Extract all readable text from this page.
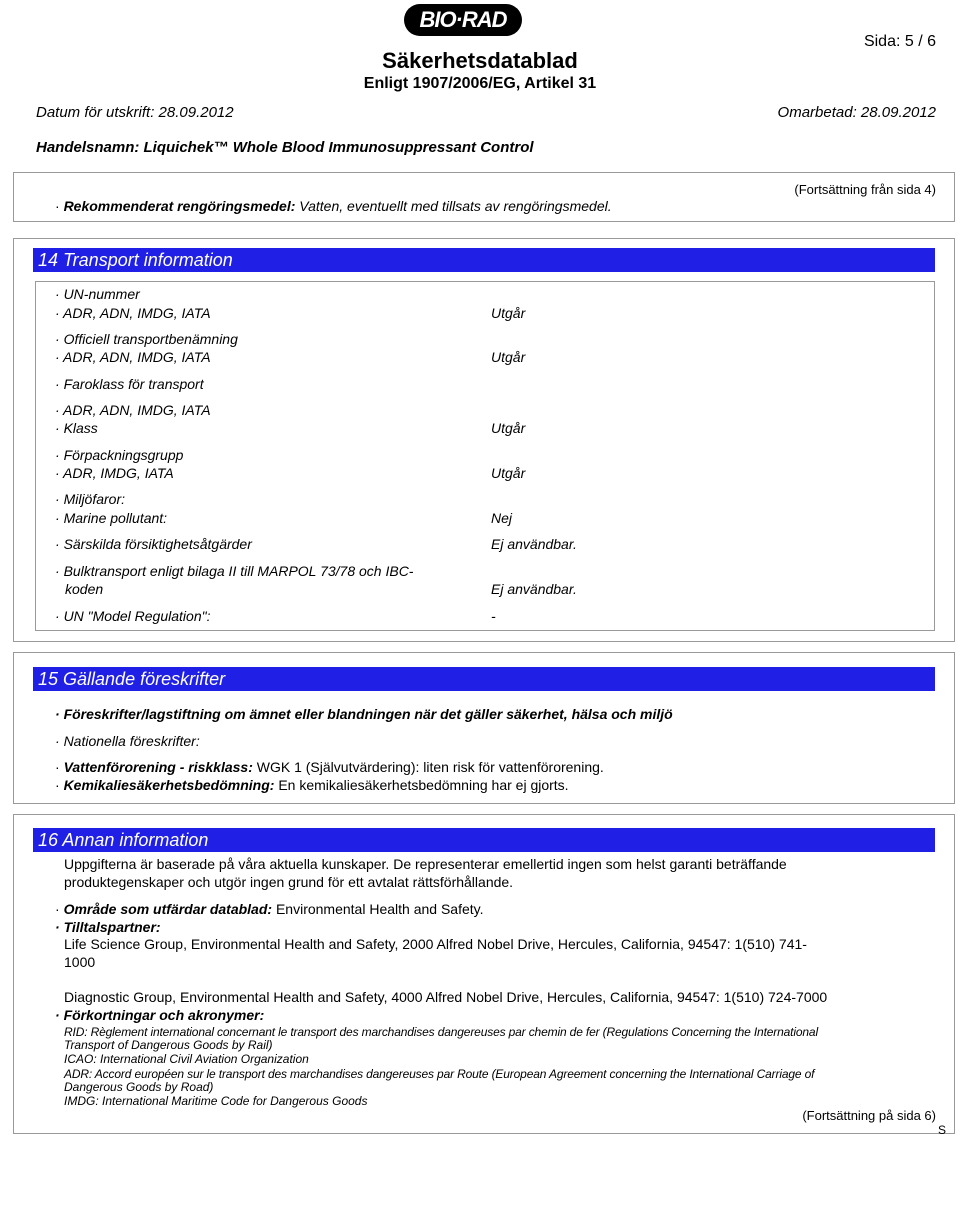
BIO·RAD
Sida: 5 / 6
Säkerhetsdatablad
Enligt 1907/2006/EG, Artikel 31
Datum för utskrift: 28.09.2012	Omarbetad: 28.09.2012
Handelsnamn: Liquichek™ Whole Blood Immunosuppressant Control
· Rekommenderat rengöringsmedel: Vatten, eventuellt med tillsats av rengöringsmedel.
(Fortsättning från sida 4)
14 Transport information
· UN-nummer
· ADR, ADN, IMDG, IATA	Utgår
· Officiell transportbenämning
· ADR, ADN, IMDG, IATA	Utgår
· Faroklass för transport
· ADR, ADN, IMDG, IATA
· Klass	Utgår
· Förpackningsgrupp
· ADR, IMDG, IATA	Utgår
· Miljöfaror:
· Marine pollutant:	Nej
· Särskilda försiktighetsåtgärder	Ej användbar.
· Bulktransport enligt bilaga II till MARPOL 73/78 och IBC-
koden	Ej användbar.
· UN "Model Regulation":	-
15 Gällande föreskrifter
· Föreskrifter/lagstiftning om ämnet eller blandningen när det gäller säkerhet, hälsa och miljö
· Nationella föreskrifter:
· Vattenförorening - riskklass: WGK 1 (Självutvärdering): liten risk för vattenförorening.
· Kemikaliesäkerhetsbedömning: En kemikaliesäkerhetsbedömning har ej gjorts.
16 Annan information
Uppgifterna är baserade på våra aktuella kunskaper. De representerar emellertid ingen som helst garanti beträffande
produktegenskaper och utgör ingen grund för ett avtalat rättsförhållande.
· Område som utfärdar datablad: Environmental Health and Safety.
· Tilltalspartner:
Life Science Group, Environmental Health and Safety, 2000 Alfred Nobel Drive, Hercules, California, 94547: 1(510) 741-
1000
Diagnostic Group, Environmental Health and Safety, 4000 Alfred Nobel Drive, Hercules, California, 94547: 1(510) 724-7000
· Förkortningar och akronymer:
RID: Règlement international concernant le transport des marchandises dangereuses par chemin de fer (Regulations Concerning the International
Transport of Dangerous Goods by Rail)
ICAO: International Civil Aviation Organization
ADR: Accord européen sur le transport des marchandises dangereuses par Route (European Agreement concerning the International Carriage of
Dangerous Goods by Road)
IMDG: International Maritime Code for Dangerous Goods
(Fortsättning på sida 6)
S
